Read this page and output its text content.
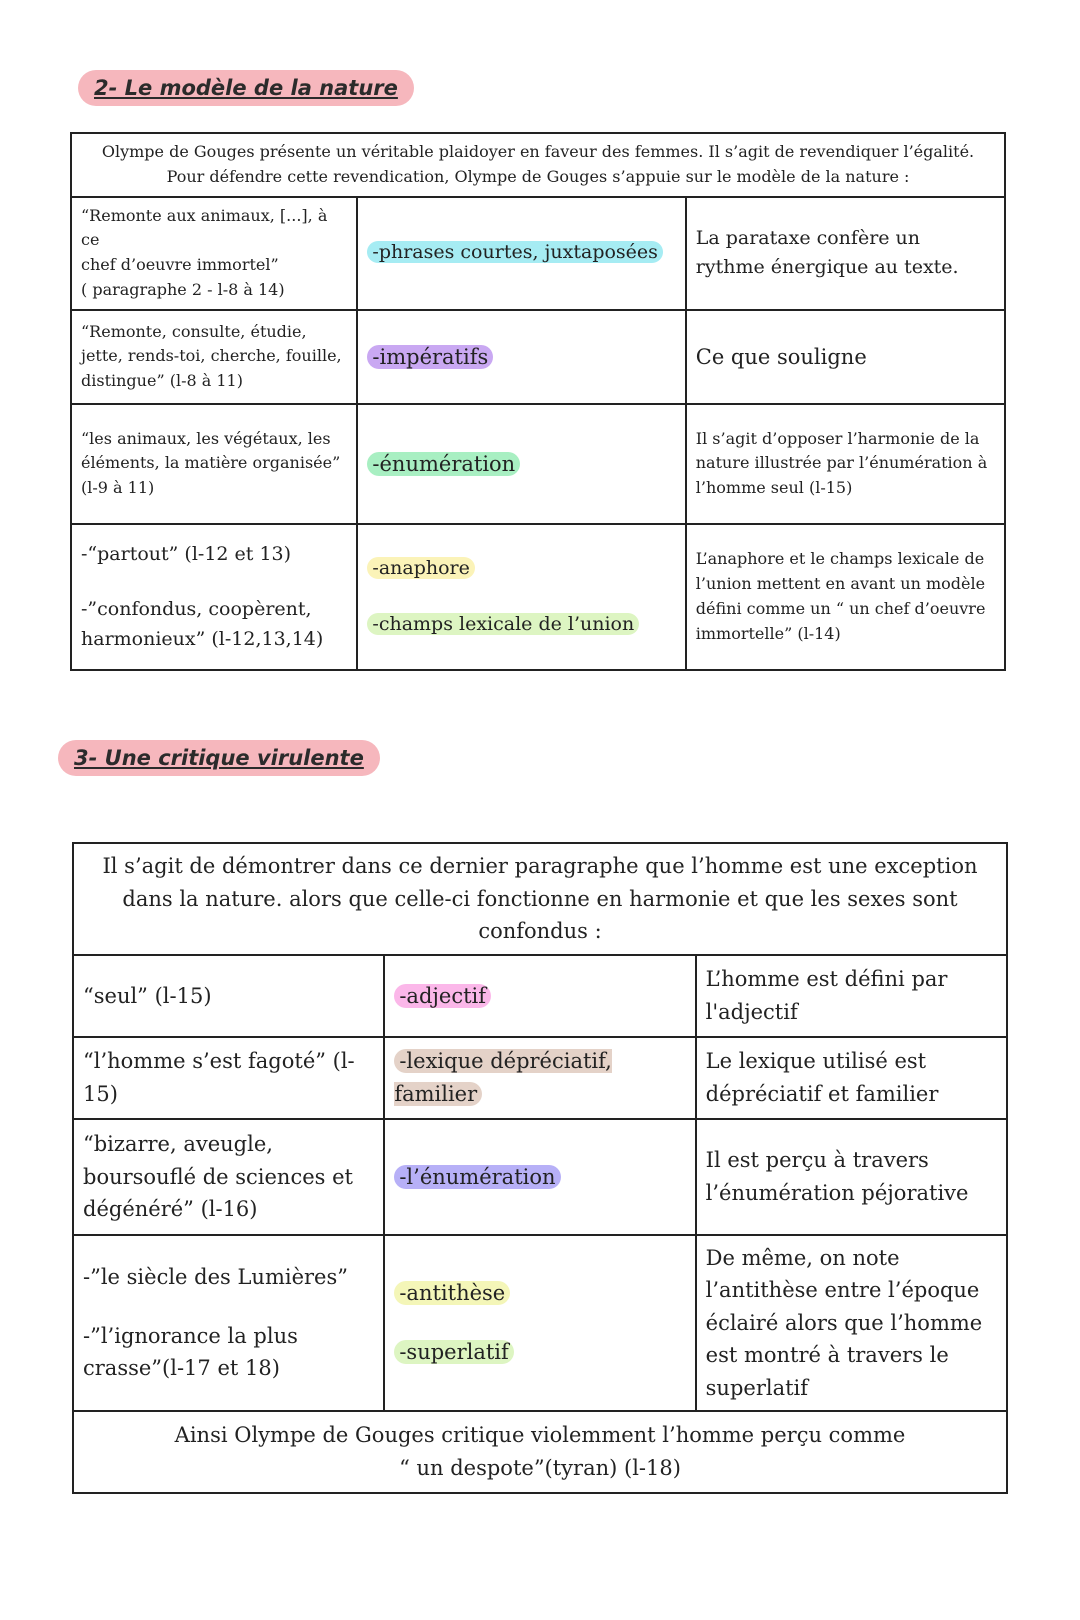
2- Le modèle de la nature
Olympe de Gouges présente un véritable plaidoyer en faveur des femmes. Il s’agit de revendiquer l’égalité.
Pour défendre cette revendication, Olympe de Gouges s’appuie sur le modèle de la nature :		
“Remonte aux animaux, [...], à ce
chef d’oeuvre immortel”
( paragraphe 2 - l-8 à 14)	-phrases courtes, juxtaposées	La parataxe confère un rythme énergique au texte.
“Remonte, consulte, étudie,
jette, rends-toi, cherche, fouille,
distingue” (l-8 à 11)	-impératifs	Ce que souligne
“les animaux, les végétaux, les
éléments, la matière organisée”
(l-9 à 11)	-énumération	Il s’agit d’opposer l’harmonie de la nature illustrée par l’énumération à l’homme seul (l-15)
-“partout” (l-12 et 13)
-”confondus, coopèrent, harmonieux” (l-12,13,14)	-anaphore
-champs lexicale de l’union	L’anaphore et le champs lexicale de l’union mettent en avant un modèle défini comme un “ un chef d’oeuvre immortelle” (l-14)
3- Une critique virulente
Il s’agit de démontrer dans ce dernier paragraphe que l’homme est une exception dans la nature. alors que celle-ci fonctionne en harmonie et que les sexes sont confondus :		
“seul” (l-15)	-adjectif	L’homme est défini par l'adjectif
“l’homme s’est fagoté” (l-15)	-lexique dépréciatif, familier	Le lexique utilisé est dépréciatif et familier
“bizarre, aveugle, boursouflé de sciences et dégénéré” (l-16)	-l’énumération	Il est perçu à travers l’énumération péjorative
-”le siècle des Lumières”
-”l’ignorance la plus crasse”(l-17 et 18)	-antithèse
-superlatif	De même, on note l’antithèse entre l’époque éclairé alors que l’homme est montré à travers le superlatif
Ainsi Olympe de Gouges critique violemment l’homme perçu comme
“ un despote”(tyran) (l-18)		
